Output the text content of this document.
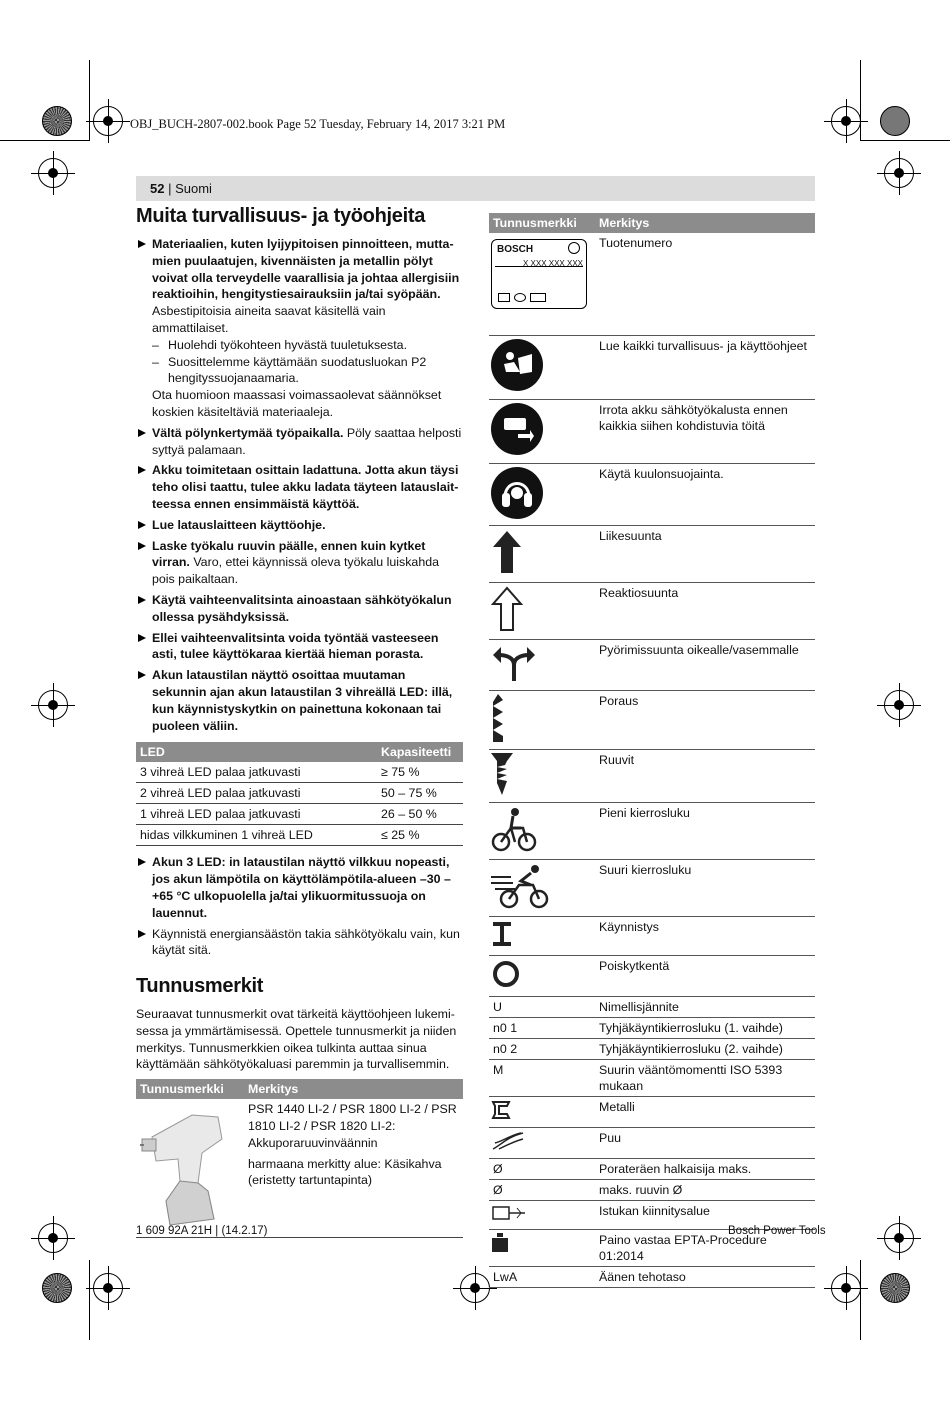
OBJ_BUCH-2807-002.book Page 52 Tuesday, February 14, 2017 3:21 PM
52 | Suomi
Muita turvallisuus- ja työohjeita

Materiaalien, kuten lyijypitoisen pinnoitteen, muttamien puulaatujen, kivennäisten ja metallin pölyt voivat olla terveydelle vaarallisia ja johtaa allergisiin reaktioihin, hengitystiesairauksiin ja/tai syöpään. Asbestipitoisia aineita saavat käsitellä vain ammattilaiset.

– Huolehdi työkohteen hyvästä tuuletuksesta.

– Suosittelemme käyttämään suodatusluokan P2 hengityssuojanaamaria.

Ota huomioon maassasi voimassaolevat säännökset koskien käsiteltäviä materiaaleja.

Vältä pölynkertymää työpaikalla. Pöly saattaa helposti syttyä palamaan.

Akku toimitetaan osittain ladattuna. Jotta akun täysi teho olisi taattu, tulee akku ladata täyteen latauslaitteessa ennen ensimmäistä käyttöä.

Lue latauslaitteen käyttöohje.

Laske työkalu ruuvin päälle, ennen kuin kytket virran. Varo, ettei käynnissä oleva työkalu luiskahda pois paikaltaan.

Käytä vaihteenvalitsinta ainoastaan sähkötyökalun ollessa pysähdyksissä.

Ellei vaihteenvalitsinta voida työntää vasteeseen asti, tulee käyttökaraa kiertää hieman porasta.

Akun lataustilan näyttö osoittaa muutaman sekunnin ajan akun lataustilan 3 vihreällä LED: illä, kun käynnistyskytkin on painettuna kokonaan tai puoleen väliin.

LED	Kapasiteetti
3 vihreä LED palaa jatkuvasti	≥ 75 %
2 vihreä LED palaa jatkuvasti	50 – 75 %
1 vihreä LED palaa jatkuvasti	26 – 50 %
hidas vilkkuminen 1 vihreä LED	≤ 25 %

Akun 3 LED: in lataustilan näyttö vilkkuu nopeasti, jos akun lämpötila on käyttölämpötila-alueen –30 – +65 °C ulkopuolella ja/tai ylikuormitussuoja on lauennut.

Käynnistä energiansäästön takia sähkötyökalu vain, kun käytät sitä.

Tunnusmerkit

Seuraavat tunnusmerkit ovat tärkeitä käyttöohjeen lukemisessa ja ymmärtämisessä. Opettele tunnusmerkit ja niiden merkitys. Tunnusmerkkien oikea tulkinta auttaa sinua käyttämään sähkötyökaluasi paremmin ja turvallisemmin.

Tunnusmerkki	Merkitys

PSR 1440 LI-2 / PSR 1800 LI-2 / PSR 1810 LI-2 / PSR 1820 LI-2: Akkuporaruuvinväännin

harmaana merkitty alue: Käsikahva (eristetty tartuntapinta)

Tunnusmerkki	Merkitys

BOSCH
X XXX XXX XXX	Tuotenumero

	Lue kaikki turvallisuus- ja käyttöohjeet

	Irrota akku sähkötyökalusta ennen kaikkia siihen kohdistuvia töitä

	Käytä kuulonsuojainta.
	Liikesuunta
	Reaktiosuunta
	Pyörimissuunta oikealle/vasemmalle
	Poraus
	Ruuvit
	Pieni kierrosluku
	Suuri kierrosluku
	Käynnistys
	Poiskytkentä
U	Nimellisjännite
n0 1	Tyhjäkäyntikierrosluku (1. vaihde)
n0 2	Tyhjäkäyntikierrosluku (2. vaihde)
M	Suurin vääntömomentti ISO 5393 mukaan
	Metalli
	Puu
Ø	Porateräen halkaisija maks.
Ø	maks. ruuvin Ø
	Istukan kiinnitysalue
	Paino vastaa EPTA-Procedure 01:2014
LwA	Äänen tehotaso
1 609 92A 21H | (14.2.17)	Bosch Power Tools
